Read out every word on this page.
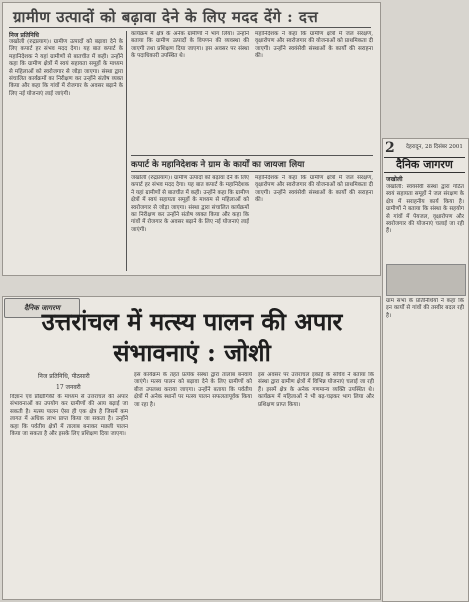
ग्रामीण उत्पादों को बढ़ावा देने के लिए मदद देंगे : दत्त
निज प्रतिनिधि
जखोली (रुद्रप्रयाग)। ग्रामीण उत्पादों को बढ़ावा देने के लिए कपार्ट हर संभव मदद देगा। यह बात कपार्ट के महानिदेशक ने यहां ग्रामीणों से बातचीत में कही। उन्होंने कहा कि ग्रामीण क्षेत्रों में स्वयं सहायता समूहों के माध्यम से महिलाओं को स्वरोजगार से जोड़ा जाएगा। संस्था द्वारा संचालित कार्यक्रमों का निरीक्षण कर उन्होंने संतोष व्यक्त किया और कहा कि गांवों में रोजगार के अवसर बढ़ाने के लिए नई योजनाएं लाई जाएंगी।
कार्यक्रम में क्षेत्र के अनेक ग्रामीणों ने भाग लिया। उन्होंने बताया कि ग्रामीण उत्पादों के विपणन की व्यवस्था की जाएगी तथा प्रशिक्षण दिया जाएगा। इस अवसर पर संस्था के पदाधिकारी उपस्थित थे।
महानिदेशक ने कहा कि ग्रामीण क्षेत्रों में जल संरक्षण, वृक्षारोपण और स्वरोजगार की योजनाओं को प्राथमिकता दी जाएगी। उन्होंने स्वयंसेवी संस्थाओं के कार्यों की सराहना की।
कपार्ट के महानिदेशक ने ग्राम के कार्यों का जायजा लिया
जखोली (रुद्रप्रयाग)। ग्रामीण उत्पादों को बढ़ावा देने के लिए कपार्ट हर संभव मदद देगा। यह बात कपार्ट के महानिदेशक ने यहां ग्रामीणों से बातचीत में कही। उन्होंने कहा कि ग्रामीण क्षेत्रों में स्वयं सहायता समूहों के माध्यम से महिलाओं को स्वरोजगार से जोड़ा जाएगा। संस्था द्वारा संचालित कार्यक्रमों का निरीक्षण कर उन्होंने संतोष व्यक्त किया और कहा कि गांवों में रोजगार के अवसर बढ़ाने के लिए नई योजनाएं लाई जाएंगी।
महानिदेशक ने कहा कि ग्रामीण क्षेत्रों में जल संरक्षण, वृक्षारोपण और स्वरोजगार की योजनाओं को प्राथमिकता दी जाएगी। उन्होंने स्वयंसेवी संस्थाओं के कार्यों की सराहना की।
2 देहरादून, 28 दिसंबर 2001
दैनिक जागरण
जखोली
जखोली: स्वयंसेवी संस्था द्वारा गठित स्वयं सहायता समूहों ने जल संरक्षण के क्षेत्र में सराहनीय कार्य किया है। ग्रामीणों ने बताया कि संस्था के सहयोग से गांवों में पेयजल, वृक्षारोपण और स्वरोजगार की योजनाएं चलाई जा रही हैं।
ग्राम सभा के प्रतिनिधियों ने कहा कि इन कार्यों से गांवों की तस्वीर बदल रही है।
दैनिक जागरण
उत्तरांचल में मत्स्य पालन की अपार संभावनाएं : जोशी
निज प्रतिनिधि, पीठसारी
17 जनवरी
विज्ञान एवं प्रौद्योगिकी के माध्यम से उत्तरांचल की अपार संभावनाओं का उपयोग कर ग्रामीणों की आय बढ़ाई जा सकती है। मत्स्य पालन ऐसा ही एक क्षेत्र है जिसमें कम लागत में अधिक लाभ प्राप्त किया जा सकता है। उन्होंने कहा कि पर्वतीय क्षेत्रों में तालाब बनाकर मछली पालन किया जा सकता है और इसके लिए प्रशिक्षण दिया जाएगा।
इस कार्यक्रम के तहत प्रत्येक संस्था द्वारा तालाब बनवाये जाएंगे। मत्स्य पालन को बढ़ावा देने के लिए ग्रामीणों को बीज उपलब्ध कराया जाएगा। उन्होंने बताया कि पर्वतीय क्षेत्रों में अनेक स्थानों पर मत्स्य पालन सफलतापूर्वक किया जा रहा है।
इस अवसर पर उत्तरांचल इकाई के सचिव ने बताया कि संस्था द्वारा ग्रामीण क्षेत्रों में विभिन्न योजनाएं चलाई जा रही हैं। इसमें क्षेत्र के अनेक गणमान्य व्यक्ति उपस्थित थे। कार्यक्रम में महिलाओं ने भी बढ़-चढ़कर भाग लिया और प्रशिक्षण प्राप्त किया।
